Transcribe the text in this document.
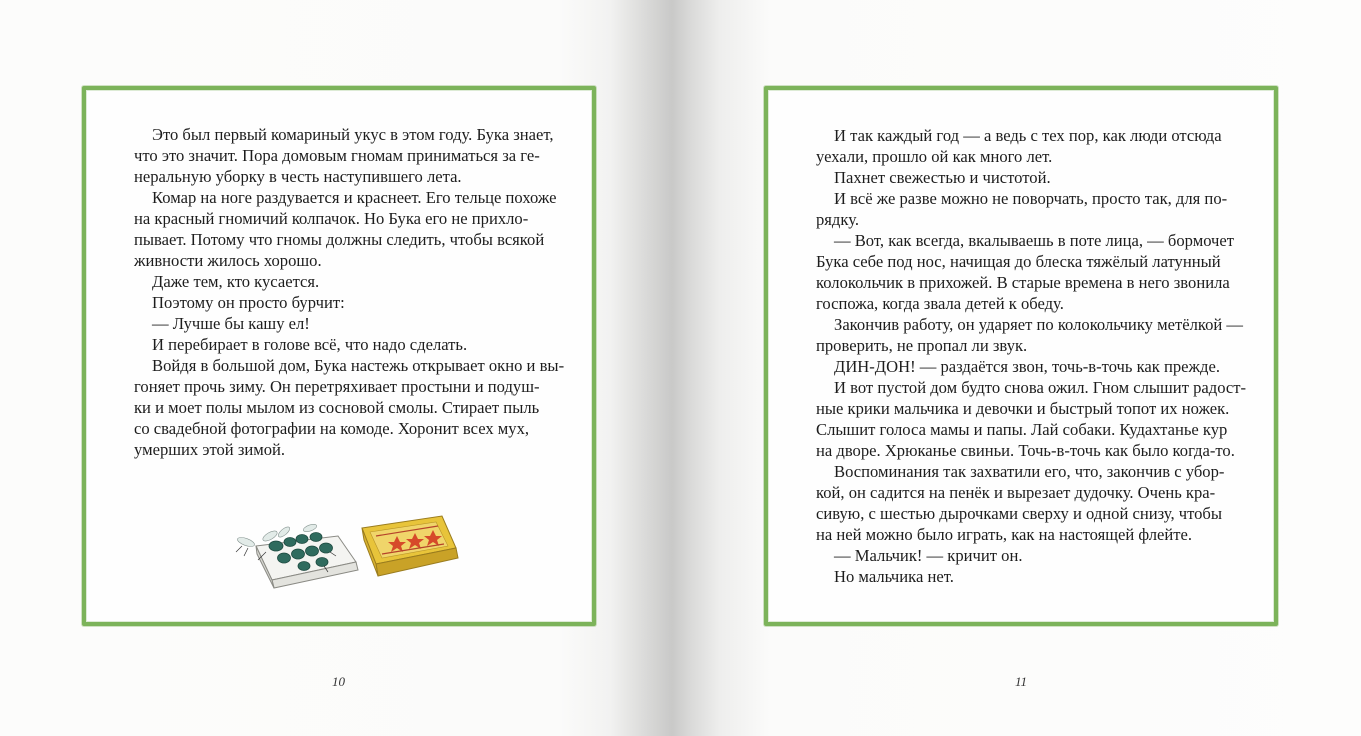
Это был первый комариный укус в этом году. Бука знает,

что это значит. Пора домовым гномам приниматься за ге-

неральную уборку в честь наступившего лета.

Комар на ноге раздувается и краснеет. Его тельце похоже

на красный гномичий колпачок. Но Бука его не прихло-

пывает. Потому что гномы должны следить, чтобы всякой

живности жилось хорошо.

Даже тем, кто кусается.

Поэтому он просто бурчит:

— Лучше бы кашу ел!

И перебирает в голове всё, что надо сделать.

Войдя в большой дом, Бука настежь открывает окно и вы-

гоняет прочь зиму. Он перетряхивает простыни и подуш-

ки и моет полы мылом из сосновой смолы. Стирает пыль

со свадебной фотографии на комоде. Хоронит всех мух,

умерших этой зимой.

И так каждый год — а ведь с тех пор, как люди отсюда

уехали, прошло ой как много лет.

Пахнет свежестью и чистотой.

И всё же разве можно не поворчать, просто так, для по-

рядку.

— Вот, как всегда, вкалываешь в поте лица, — бормочет

Бука себе под нос, начищая до блеска тяжёлый латунный

колокольчик в прихожей. В старые времена в него звонила

госпожа, когда звала детей к обеду.

Закончив работу, он ударяет по колокольчику метёлкой —

проверить, не пропал ли звук.

ДИН-ДОН! — раздаётся звон, точь-в-точь как прежде.

И вот пустой дом будто снова ожил. Гном слышит радост-

ные крики мальчика и девочки и быстрый топот их ножек.

Слышит голоса мамы и папы. Лай собаки. Кудахтанье кур

на дворе. Хрюканье свиньи. Точь-в-точь как было когда-то.

Воспоминания так захватили его, что, закончив с убор-

кой, он садится на пенёк и вырезает дудочку. Очень кра-

сивую, с шестью дырочками сверху и одной снизу, чтобы

на ней можно было играть, как на настоящей флейте.

— Мальчик! — кричит он.

Но мальчика нет.

10	11
